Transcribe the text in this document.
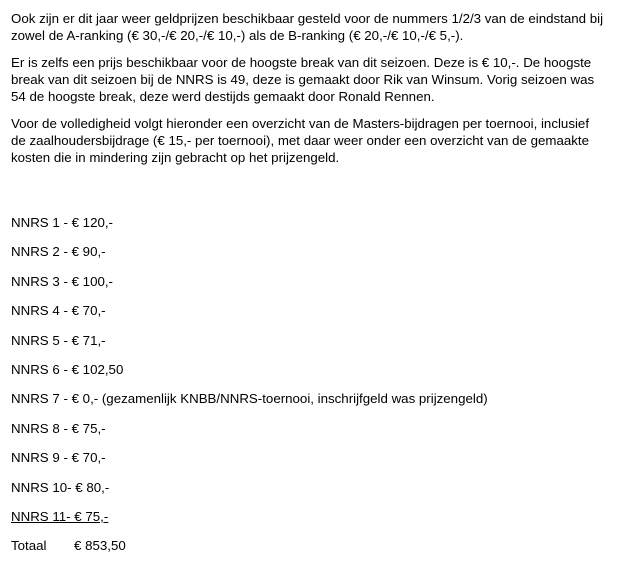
Ook zijn er dit jaar weer geldprijzen beschikbaar gesteld voor de nummers 1/2/3 van de eindstand bij
zowel de A-ranking (€ 30,-/€ 20,-/€ 10,-) als de B-ranking (€ 20,-/€ 10,-/€ 5,-).
Er is zelfs een prijs beschikbaar voor de hoogste break van dit seizoen. Deze is € 10,-. De hoogste
break van dit seizoen bij de NNRS is 49, deze is gemaakt door Rik van Winsum. Vorig seizoen was
54 de hoogste break, deze werd destijds gemaakt door Ronald Rennen.
Voor de volledigheid volgt hieronder een overzicht van de Masters-bijdragen per toernooi, inclusief
de zaalhoudersbijdrage (€ 15,- per toernooi), met daar weer onder een overzicht van de gemaakte
kosten die in mindering zijn gebracht op het prijzengeld.
NNRS 1 - € 120,-
NNRS 2 - € 90,-
NNRS 3 - € 100,-
NNRS 4 - € 70,-
NNRS 5 - € 71,-
NNRS 6 - € 102,50
NNRS 7 - € 0,- (gezamenlijk KNBB/NNRS-toernooi, inschrijfgeld was prijzengeld)
NNRS 8 - € 75,-
NNRS 9 - € 70,-
NNRS 10- € 80,-
NNRS 11- € 75,-
Totaal € 853,50
